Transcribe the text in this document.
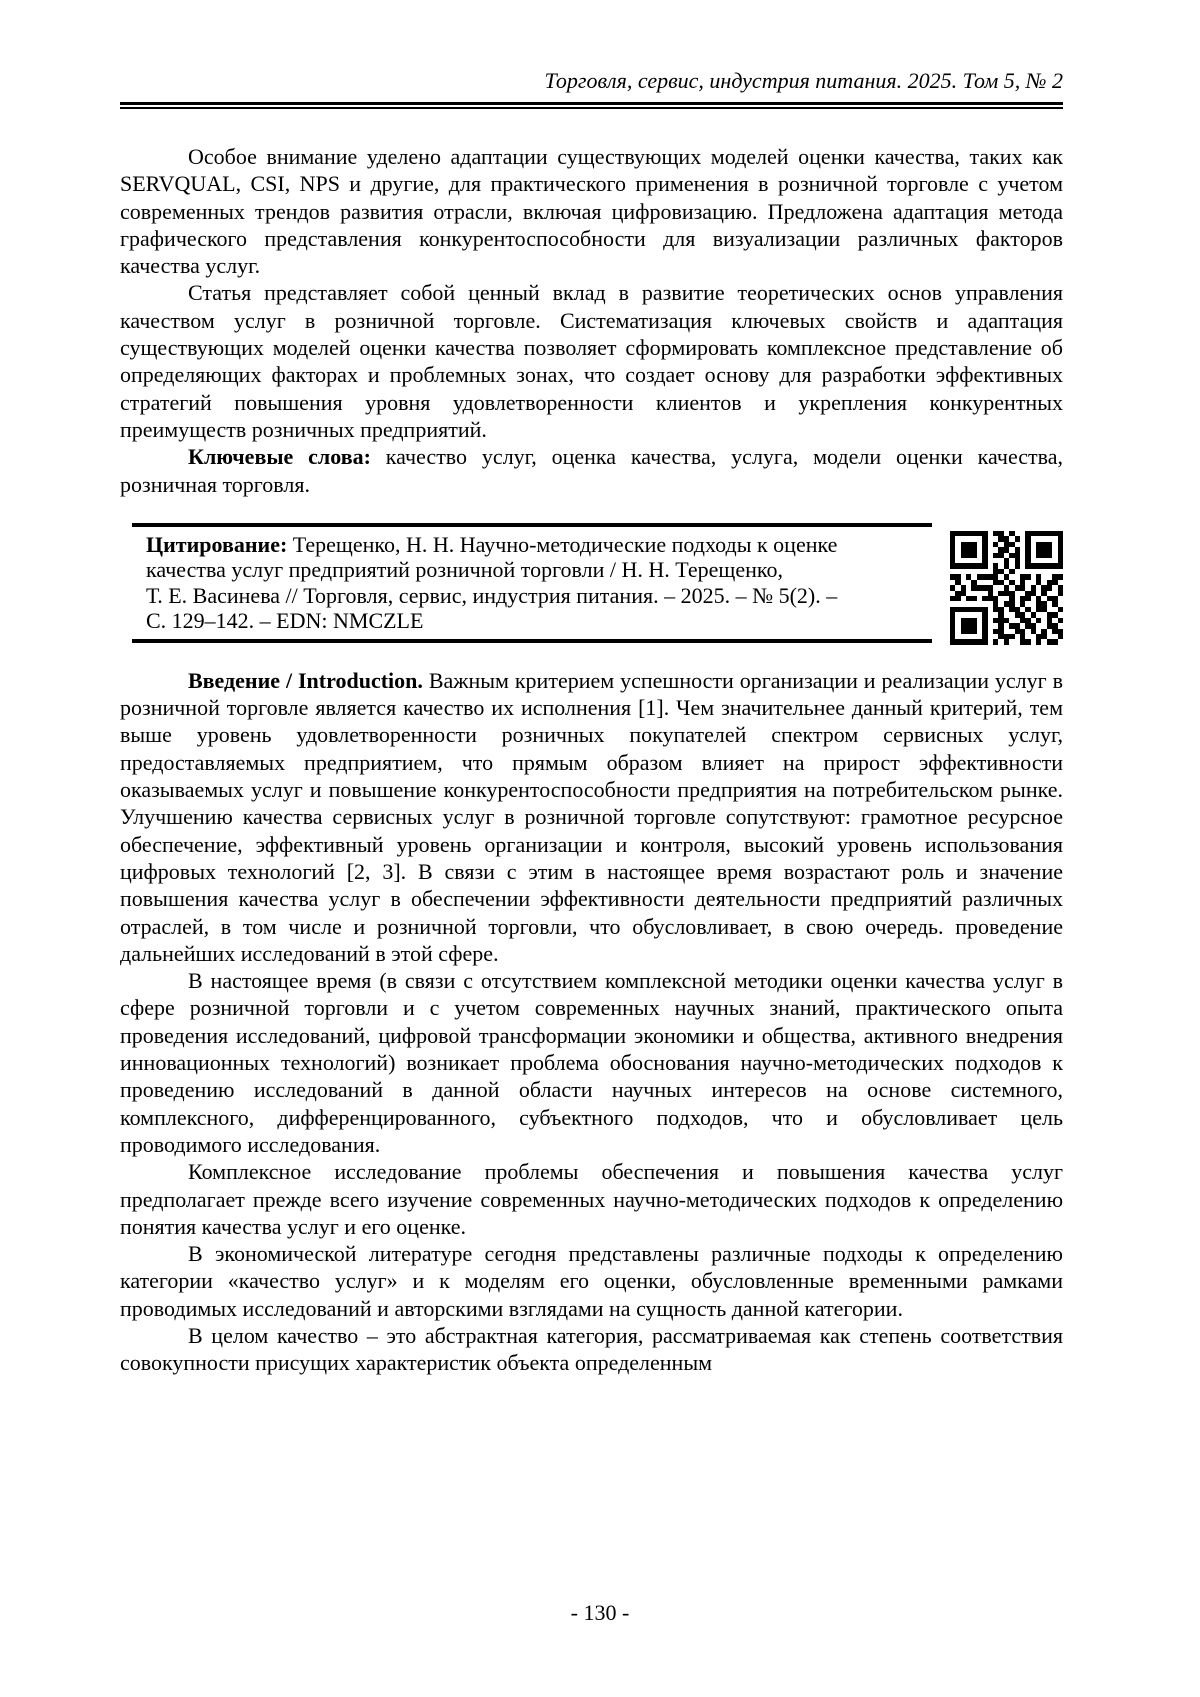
Торговля, сервис, индустрия питания. 2025. Том 5, № 2

Особое внимание уделено адаптации существующих моделей оценки качества, таких как SERVQUAL, CSI, NPS и другие, для практического применения в розничной торговле с учетом современных трендов развития отрасли, включая цифровизацию. Предложена адаптация метода графического представления конкурентоспособности для визуализации различных факторов качества услуг.

Статья представляет собой ценный вклад в развитие теоретических основ управления качеством услуг в розничной торговле. Систематизация ключевых свойств и адаптация существующих моделей оценки качества позволяет сформировать комплексное представление об определяющих факторах и проблемных зонах, что создает основу для разработки эффективных стратегий повышения уровня удовлетворенности клиентов и укрепления конкурентных преимуществ розничных предприятий.

Ключевые слова: качество услуг, оценка качества, услуга, модели оценки качества, розничная торговля.

Цитирование: Терещенко, Н. Н. Научно-методические подходы к оценке
качества услуг предприятий розничной торговли / Н. Н. Терещенко,
Т. Е. Васинева // Торговля, сервис, индустрия питания. – 2025. – № 5(2). –
С. 129–142. – EDN: NMCZLE

Введение / Introduction. Важным критерием успешности организации и реализации услуг в розничной торговле является качество их исполнения [1]. Чем значительнее данный критерий, тем выше уровень удовлетворенности розничных покупателей спектром сервисных услуг, предоставляемых предприятием, что прямым образом влияет на прирост эффективности оказываемых услуг и повышение конкурентоспособности предприятия на потребительском рынке. Улучшению качества сервисных услуг в розничной торговле сопутствуют: грамотное ресурсное обеспечение, эффективный уровень организации и контроля, высокий уровень использования цифровых технологий [2, 3]. В связи с этим в настоящее время возрастают роль и значение повышения качества услуг в обеспечении эффективности деятельности предприятий различных отраслей, в том числе и розничной торговли, что обусловливает, в свою очередь. проведение дальнейших исследований в этой сфере.

В настоящее время (в связи с отсутствием комплексной методики оценки качества услуг в сфере розничной торговли и с учетом современных научных знаний, практического опыта проведения исследований, цифровой трансформации экономики и общества, активного внедрения инновационных технологий) возникает проблема обоснования научно-методических подходов к проведению исследований в данной области научных интересов на основе системного, комплексного, дифференцированного, субъектного подходов, что и обусловливает цель проводимого исследования.

Комплексное исследование проблемы обеспечения и повышения качества услуг предполагает прежде всего изучение современных научно-методических подходов к определению понятия качества услуг и его оценке.

В экономической литературе сегодня представлены различные подходы к определению категории «качество услуг» и к моделям его оценки, обусловленные временными рамками проводимых исследований и авторскими взглядами на сущность данной категории.

В целом качество – это абстрактная категория, рассматриваемая как степень соответствия совокупности присущих характеристик объекта определенным

- 130 -
